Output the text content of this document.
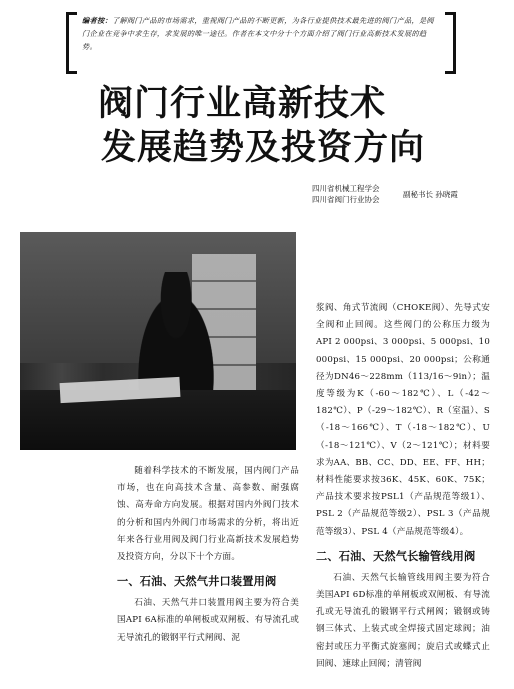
编者按：了解阀门产品的市场需求，重视阀门产品的不断更新，为各行业提供技术最先进的阀门产品，是阀门企业在竞争中求生存，求发展的唯一途径。作者在本文中分十个方面介绍了阀门行业高新技术发展的趋势。
阀门行业高新技术
发展趋势及投资方向
四川省机械工程学会
四川省阀门行业协会
副秘书长 孙晓霞

随着科学技术的不断发展，国内阀门产品市场，也在向高技术含量、高参数、耐强腐蚀、高寿命方向发展。根据对国内外阀门技术的分析和国内外阀门市场需求的分析，将出近年来各行业用阀及阀门行业高新技术发展趋势及投资方向，分以下十个方面。

一、石油、天然气井口装置用阀

石油、天然气井口装置用阀主要为符合美国API 6A标准的单闸板或双闸板、有导流孔或无导流孔的锻钢平行式闸阀、泥

浆阀、角式节流阀（CHOKE阀）、先导式安全阀和止回阀。这些阀门的公称压力级为API 2 000psi、3 000psi、5 000psi、10 000psi、15 000psi、20 000psi；公称通径为DN46～228mm（113/16～9in）；温度等级为K（-60～182℃）、L（-42～182℃）、P（-29～182℃）、R（室温）、S（-18～166℃）、T（-18～182℃）、U（-18～121℃）、V（2～121℃）；材料要求为AA、BB、CC、DD、EE、FF、HH；材料性能要求按36K、45K、60K、75K；产品技术要求按PSL1（产品规范等级1）、PSL 2（产品规范等级2）、PSL 3（产品规范等级3）、PSL 4（产品规范等级4）。

二、石油、天然气长输管线用阀

石油、天然气长输管线用阀主要为符合美国API 6D标准的单闸板或双闸板、有导流孔或无导流孔的锻钢平行式闸阀；锻钢或铸钢三体式、上装式或全焊接式固定球阀；油密封或压力平衡式旋塞阀；旋启式或蝶式止回阀、速球止回阀；清管阀
